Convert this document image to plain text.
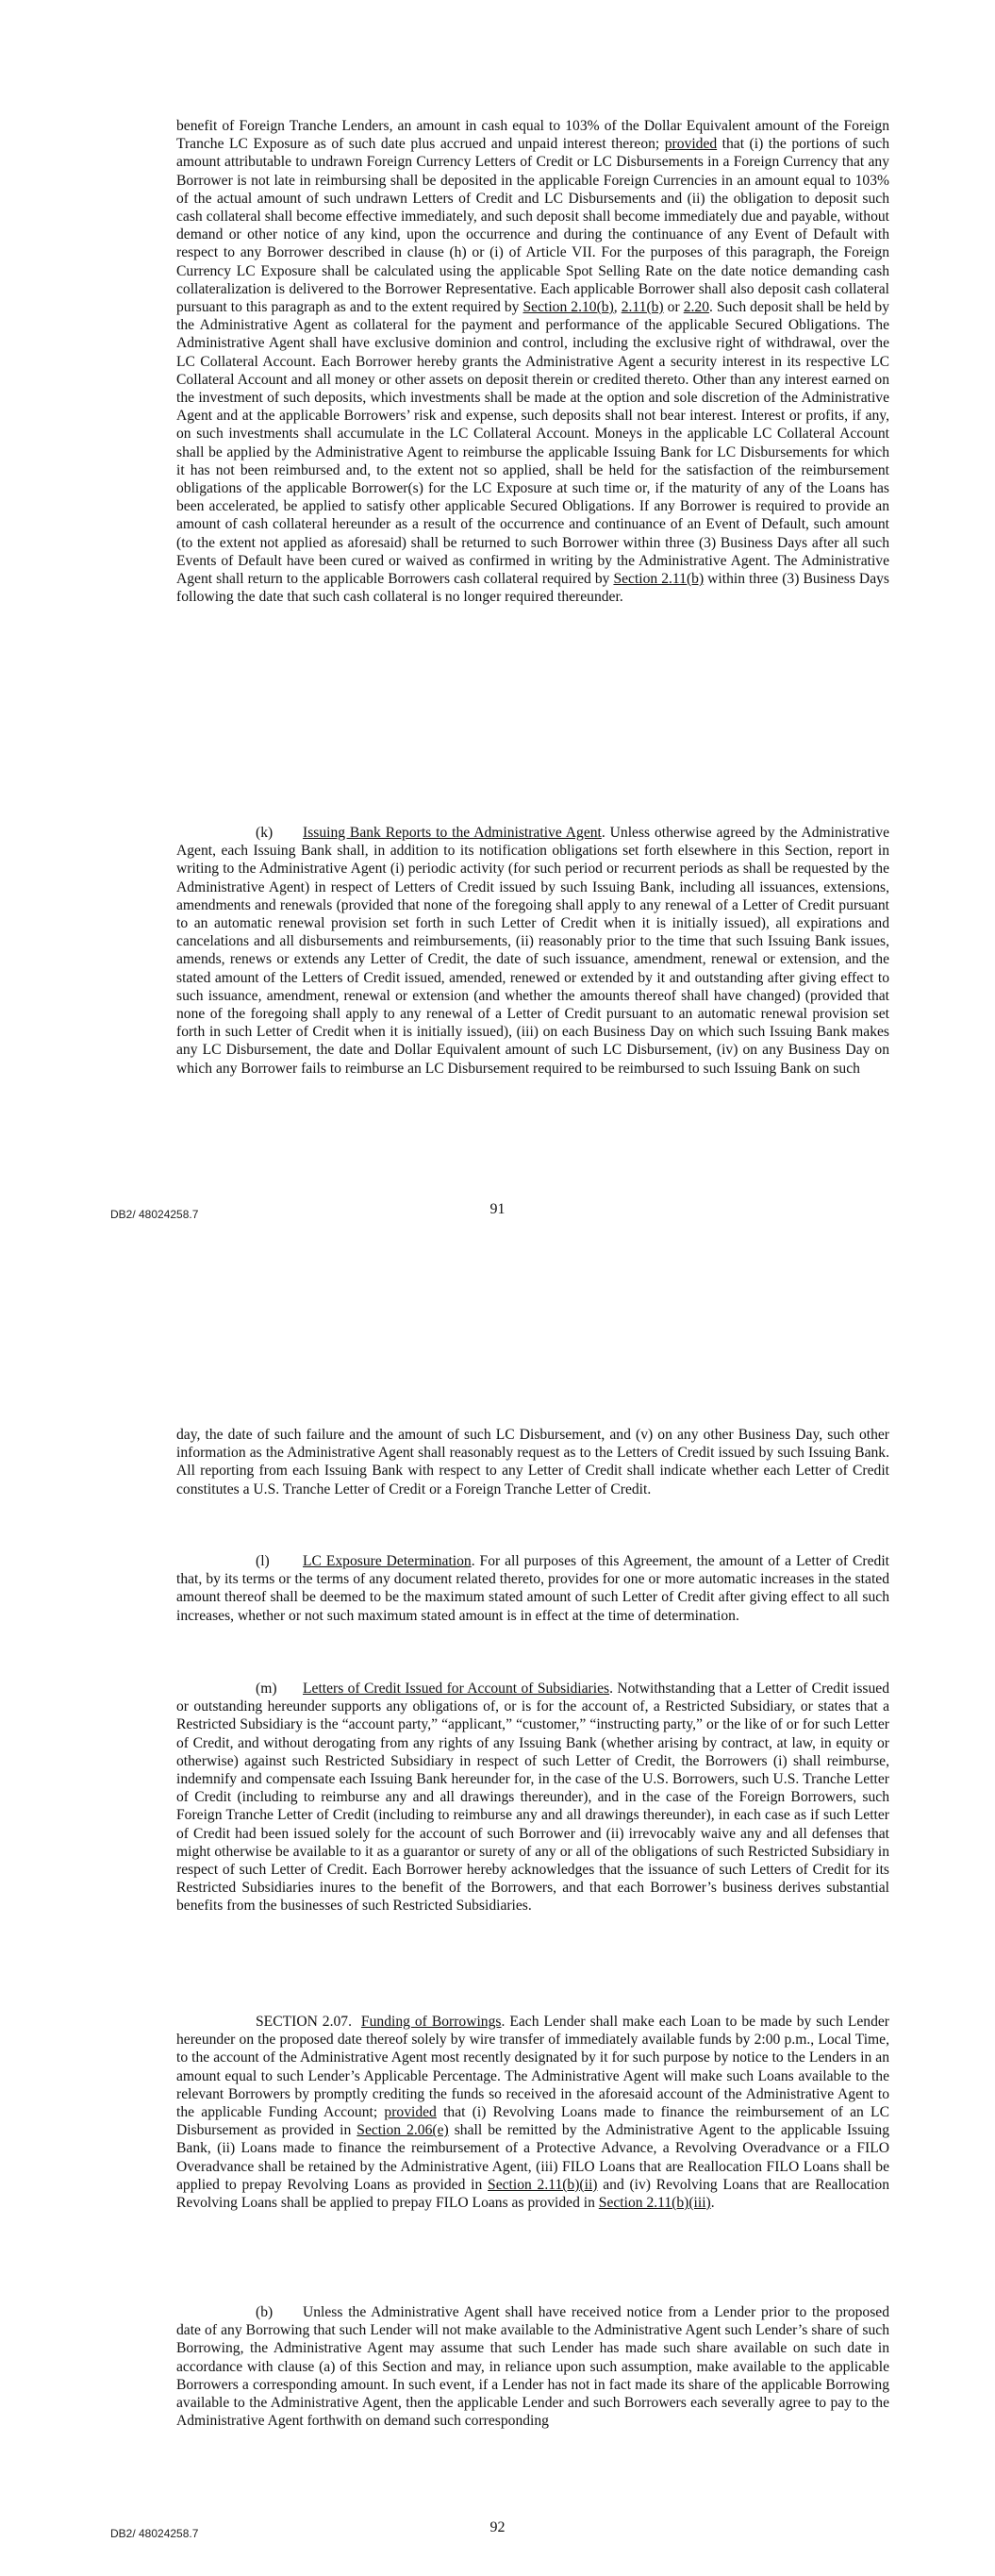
benefit of Foreign Tranche Lenders, an amount in cash equal to 103% of the Dollar Equivalent amount of the Foreign Tranche LC Exposure as of such date plus accrued and unpaid interest thereon; provided that (i) the portions of such amount attributable to undrawn Foreign Currency Letters of Credit or LC Disbursements in a Foreign Currency that any Borrower is not late in reimbursing shall be deposited in the applicable Foreign Currencies in an amount equal to 103% of the actual amount of such undrawn Letters of Credit and LC Disbursements and (ii) the obligation to deposit such cash collateral shall become effective immediately, and such deposit shall become immediately due and payable, without demand or other notice of any kind, upon the occurrence and during the continuance of any Event of Default with respect to any Borrower described in clause (h) or (i) of Article VII. For the purposes of this paragraph, the Foreign Currency LC Exposure shall be calculated using the applicable Spot Selling Rate on the date notice demanding cash collateralization is delivered to the Borrower Representative. Each applicable Borrower shall also deposit cash collateral pursuant to this paragraph as and to the extent required by Section 2.10(b), 2.11(b) or 2.20. Such deposit shall be held by the Administrative Agent as collateral for the payment and performance of the applicable Secured Obligations. The Administrative Agent shall have exclusive dominion and control, including the exclusive right of withdrawal, over the LC Collateral Account. Each Borrower hereby grants the Administrative Agent a security interest in its respective LC Collateral Account and all money or other assets on deposit therein or credited thereto. Other than any interest earned on the investment of such deposits, which investments shall be made at the option and sole discretion of the Administrative Agent and at the applicable Borrowers’ risk and expense, such deposits shall not bear interest. Interest or profits, if any, on such investments shall accumulate in the LC Collateral Account. Moneys in the applicable LC Collateral Account shall be applied by the Administrative Agent to reimburse the applicable Issuing Bank for LC Disbursements for which it has not been reimbursed and, to the extent not so applied, shall be held for the satisfaction of the reimbursement obligations of the applicable Borrower(s) for the LC Exposure at such time or, if the maturity of any of the Loans has been accelerated, be applied to satisfy other applicable Secured Obligations. If any Borrower is required to provide an amount of cash collateral hereunder as a result of the occurrence and continuance of an Event of Default, such amount (to the extent not applied as aforesaid) shall be returned to such Borrower within three (3) Business Days after all such Events of Default have been cured or waived as confirmed in writing by the Administrative Agent. The Administrative Agent shall return to the applicable Borrowers cash collateral required by Section 2.11(b) within three (3) Business Days following the date that such cash collateral is no longer required thereunder.

(k) Issuing Bank Reports to the Administrative Agent. Unless otherwise agreed by the Administrative Agent, each Issuing Bank shall, in addition to its notification obligations set forth elsewhere in this Section, report in writing to the Administrative Agent (i) periodic activity (for such period or recurrent periods as shall be requested by the Administrative Agent) in respect of Letters of Credit issued by such Issuing Bank, including all issuances, extensions, amendments and renewals (provided that none of the foregoing shall apply to any renewal of a Letter of Credit pursuant to an automatic renewal provision set forth in such Letter of Credit when it is initially issued), all expirations and cancelations and all disbursements and reimbursements, (ii) reasonably prior to the time that such Issuing Bank issues, amends, renews or extends any Letter of Credit, the date of such issuance, amendment, renewal or extension, and the stated amount of the Letters of Credit issued, amended, renewed or extended by it and outstanding after giving effect to such issuance, amendment, renewal or extension (and whether the amounts thereof shall have changed) (provided that none of the foregoing shall apply to any renewal of a Letter of Credit pursuant to an automatic renewal provision set forth in such Letter of Credit when it is initially issued), (iii) on each Business Day on which such Issuing Bank makes any LC Disbursement, the date and Dollar Equivalent amount of such LC Disbursement, (iv) on any Business Day on which any Borrower fails to reimburse an LC Disbursement required to be reimbursed to such Issuing Bank on such

DB2/ 48024258.7	91

day, the date of such failure and the amount of such LC Disbursement, and (v) on any other Business Day, such other information as the Administrative Agent shall reasonably request as to the Letters of Credit issued by such Issuing Bank. All reporting from each Issuing Bank with respect to any Letter of Credit shall indicate whether each Letter of Credit constitutes a U.S. Tranche Letter of Credit or a Foreign Tranche Letter of Credit.

(l) LC Exposure Determination. For all purposes of this Agreement, the amount of a Letter of Credit that, by its terms or the terms of any document related thereto, provides for one or more automatic increases in the stated amount thereof shall be deemed to be the maximum stated amount of such Letter of Credit after giving effect to all such increases, whether or not such maximum stated amount is in effect at the time of determination.

(m) Letters of Credit Issued for Account of Subsidiaries. Notwithstanding that a Letter of Credit issued or outstanding hereunder supports any obligations of, or is for the account of, a Restricted Subsidiary, or states that a Restricted Subsidiary is the “account party,” “applicant,” “customer,” “instructing party,” or the like of or for such Letter of Credit, and without derogating from any rights of any Issuing Bank (whether arising by contract, at law, in equity or otherwise) against such Restricted Subsidiary in respect of such Letter of Credit, the Borrowers (i) shall reimburse, indemnify and compensate each Issuing Bank hereunder for, in the case of the U.S. Borrowers, such U.S. Tranche Letter of Credit (including to reimburse any and all drawings thereunder), and in the case of the Foreign Borrowers, such Foreign Tranche Letter of Credit (including to reimburse any and all drawings thereunder), in each case as if such Letter of Credit had been issued solely for the account of such Borrower and (ii) irrevocably waive any and all defenses that might otherwise be available to it as a guarantor or surety of any or all of the obligations of such Restricted Subsidiary in respect of such Letter of Credit. Each Borrower hereby acknowledges that the issuance of such Letters of Credit for its Restricted Subsidiaries inures to the benefit of the Borrowers, and that each Borrower’s business derives substantial benefits from the businesses of such Restricted Subsidiaries.

SECTION 2.07. Funding of Borrowings. Each Lender shall make each Loan to be made by such Lender hereunder on the proposed date thereof solely by wire transfer of immediately available funds by 2:00 p.m., Local Time, to the account of the Administrative Agent most recently designated by it for such purpose by notice to the Lenders in an amount equal to such Lender’s Applicable Percentage. The Administrative Agent will make such Loans available to the relevant Borrowers by promptly crediting the funds so received in the aforesaid account of the Administrative Agent to the applicable Funding Account; provided that (i) Revolving Loans made to finance the reimbursement of an LC Disbursement as provided in Section 2.06(e) shall be remitted by the Administrative Agent to the applicable Issuing Bank, (ii) Loans made to finance the reimbursement of a Protective Advance, a Revolving Overadvance or a FILO Overadvance shall be retained by the Administrative Agent, (iii) FILO Loans that are Reallocation FILO Loans shall be applied to prepay Revolving Loans as provided in Section 2.11(b)(ii) and (iv) Revolving Loans that are Reallocation Revolving Loans shall be applied to prepay FILO Loans as provided in Section 2.11(b)(iii).

(b) Unless the Administrative Agent shall have received notice from a Lender prior to the proposed date of any Borrowing that such Lender will not make available to the Administrative Agent such Lender’s share of such Borrowing, the Administrative Agent may assume that such Lender has made such share available on such date in accordance with clause (a) of this Section and may, in reliance upon such assumption, make available to the applicable Borrowers a corresponding amount. In such event, if a Lender has not in fact made its share of the applicable Borrowing available to the Administrative Agent, then the applicable Lender and such Borrowers each severally agree to pay to the Administrative Agent forthwith on demand such corresponding

DB2/ 48024258.7	92
